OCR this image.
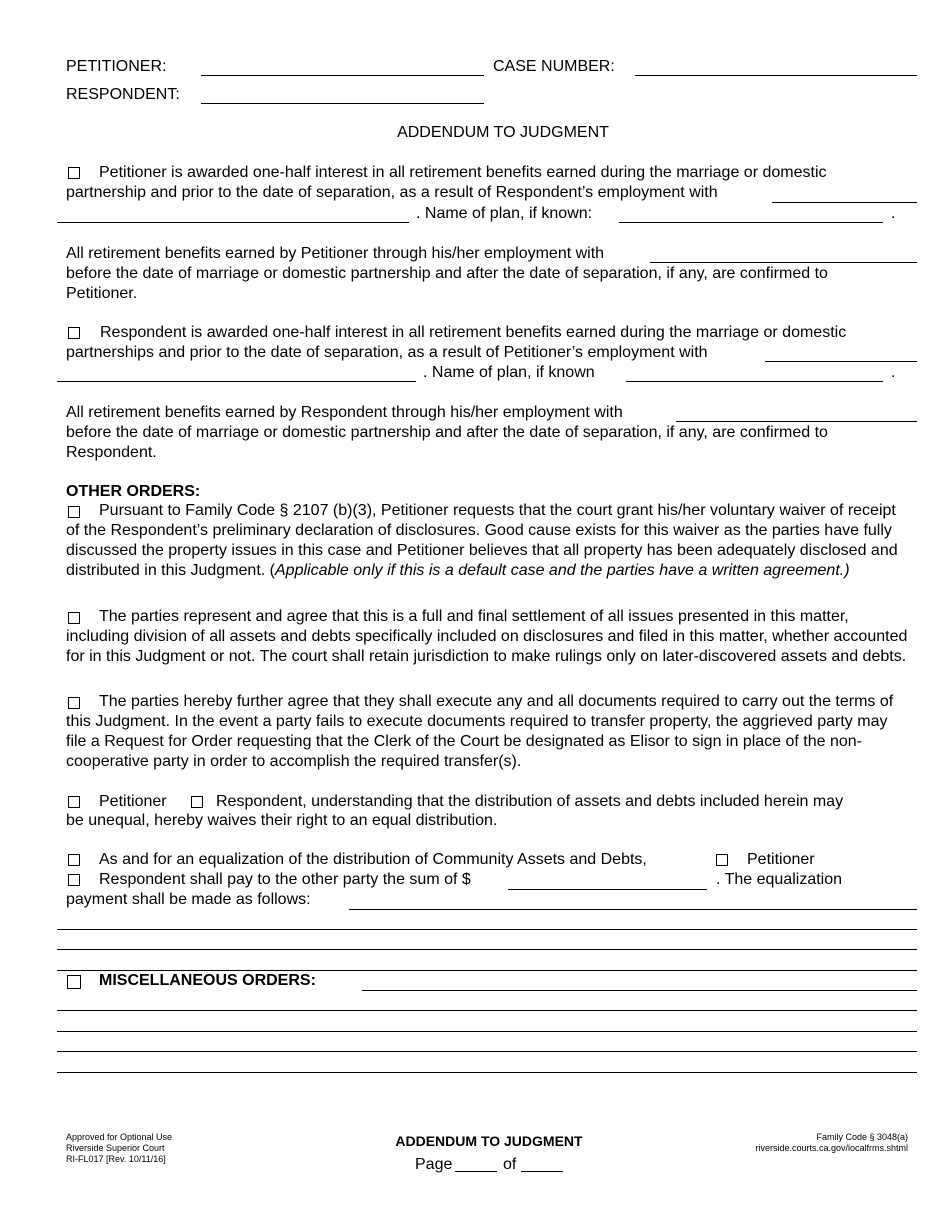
PETITIONER:	CASE NUMBER:
RESPONDENT:
ADDENDUM TO JUDGMENT
Petitioner is awarded one-half interest in all retirement benefits earned during the marriage or domestic
partnership and prior to the date of separation, as a result of Respondent’s employment with
. Name of plan, if known:	.
All retirement benefits earned by Petitioner through his/her employment with
before the date of marriage or domestic partnership and after the date of separation, if any, are confirmed to
Petitioner.
Respondent is awarded one-half interest in all retirement benefits earned during the marriage or domestic
partnerships and prior to the date of separation, as a result of Petitioner’s employment with
. Name of plan, if known	.
All retirement benefits earned by Respondent through his/her employment with
before the date of marriage or domestic partnership and after the date of separation, if any, are confirmed to
Respondent.
OTHER ORDERS:
Pursuant to Family Code § 2107 (b)(3), Petitioner requests that the court grant his/her voluntary waiver of receipt of the Respondent’s preliminary declaration of disclosures. Good cause exists for this waiver as the parties have fully discussed the property issues in this case and Petitioner believes that all property has been adequately disclosed and distributed in this Judgment. (Applicable only if this is a default case and the parties have a written agreement.)
The parties represent and agree that this is a full and final settlement of all issues presented in this matter, including division of all assets and debts specifically included on disclosures and filed in this matter, whether accounted for in this Judgment or not. The court shall retain jurisdiction to make rulings only on later-discovered assets and debts.
The parties hereby further agree that they shall execute any and all documents required to carry out the terms of this Judgment. In the event a party fails to execute documents required to transfer property, the aggrieved party may file a Request for Order requesting that the Clerk of the Court be designated as Elisor to sign in place of the non-cooperative party in order to accomplish the required transfer(s).
Petitioner	Respondent, understanding that the distribution of assets and debts included herein may
be unequal, hereby waives their right to an equal distribution.
As and for an equalization of the distribution of Community Assets and Debts,	Petitioner
Respondent shall pay to the other party the sum of $	. The equalization
payment shall be made as follows:
MISCELLANEOUS ORDERS:
Approved for Optional Use
Riverside Superior Court
RI-FL017 [Rev. 10/11/16]
ADDENDUM TO JUDGMENT
Page	of
Family Code § 3048(a)
riverside.courts.ca.gov/localfrms.shtml
